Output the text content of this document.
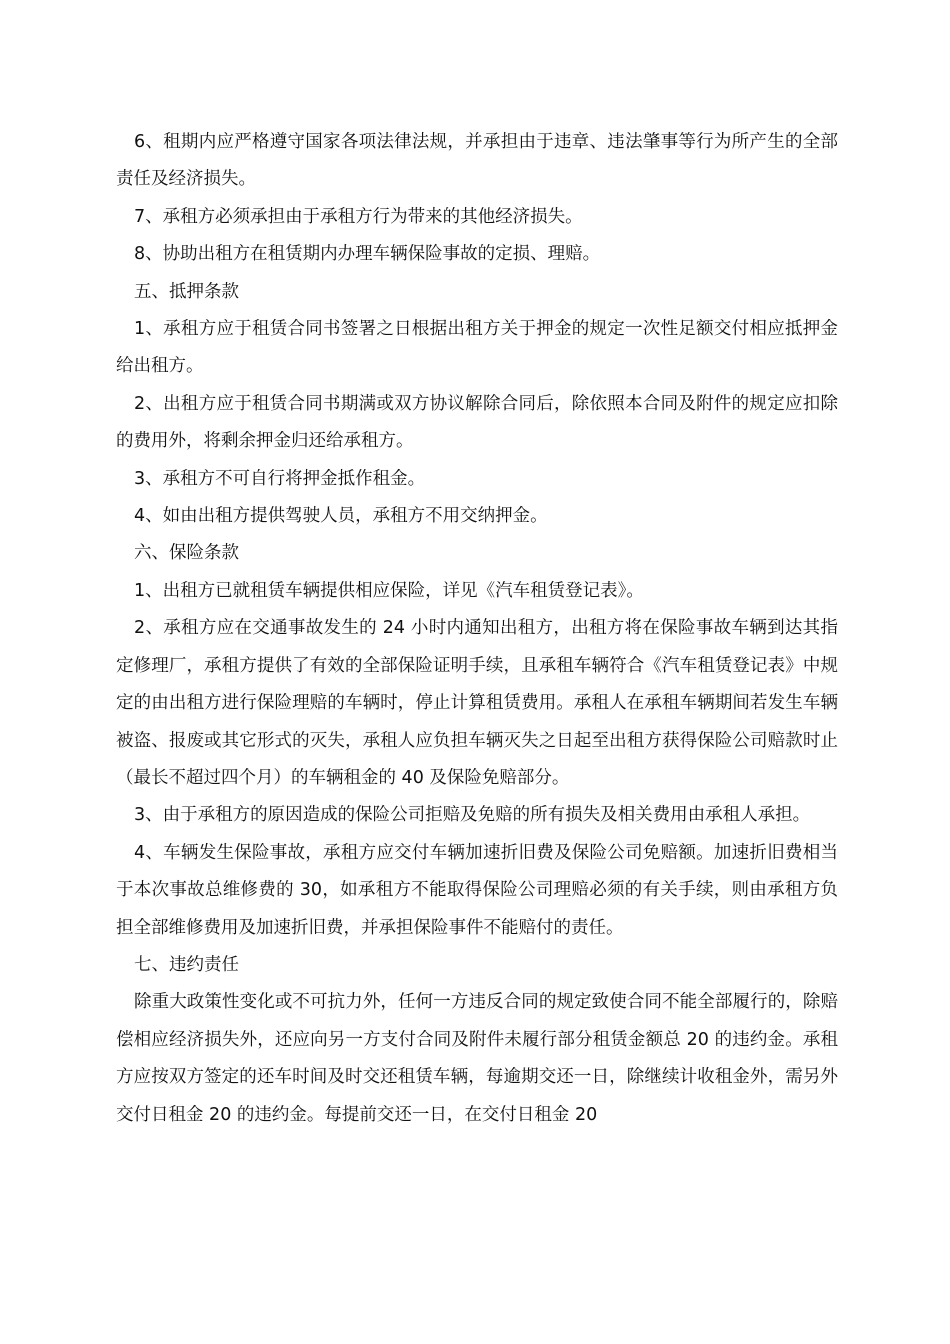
6、租期内应严格遵守国家各项法律法规，并承担由于违章、违法肇事等行为所产生的全部责任及经济损失。

7、承租方必须承担由于承租方行为带来的其他经济损失。

8、协助出租方在租赁期内办理车辆保险事故的定损、理赔。

五、抵押条款

1、承租方应于租赁合同书签署之日根据出租方关于押金的规定一次性足额交付相应抵押金给出租方。

2、出租方应于租赁合同书期满或双方协议解除合同后，除依照本合同及附件的规定应扣除的费用外，将剩余押金归还给承租方。

3、承租方不可自行将押金抵作租金。

4、如由出租方提供驾驶人员，承租方不用交纳押金。

六、保险条款

1、出租方已就租赁车辆提供相应保险，详见《汽车租赁登记表》。

2、承租方应在交通事故发生的 24 小时内通知出租方，出租方将在保险事故车辆到达其指定修理厂，承租方提供了有效的全部保险证明手续，且承租车辆符合《汽车租赁登记表》中规定的由出租方进行保险理赔的车辆时，停止计算租赁费用。承租人在承租车辆期间若发生车辆被盗、报废或其它形式的灭失，承租人应负担车辆灭失之日起至出租方获得保险公司赔款时止（最长不超过四个月）的车辆租金的 40 及保险免赔部分。

3、由于承租方的原因造成的保险公司拒赔及免赔的所有损失及相关费用由承租人承担。

4、车辆发生保险事故，承租方应交付车辆加速折旧费及保险公司免赔额。加速折旧费相当于本次事故总维修费的 30，如承租方不能取得保险公司理赔必须的有关手续，则由承租方负担全部维修费用及加速折旧费，并承担保险事件不能赔付的责任。

七、违约责任

除重大政策性变化或不可抗力外，任何一方违反合同的规定致使合同不能全部履行的，除赔偿相应经济损失外，还应向另一方支付合同及附件未履行部分租赁金额总 20 的违约金。承租方应按双方签定的还车时间及时交还租赁车辆，每逾期交还一日，除继续计收租金外，需另外交付日租金 20 的违约金。每提前交还一日，在交付日租金 20
